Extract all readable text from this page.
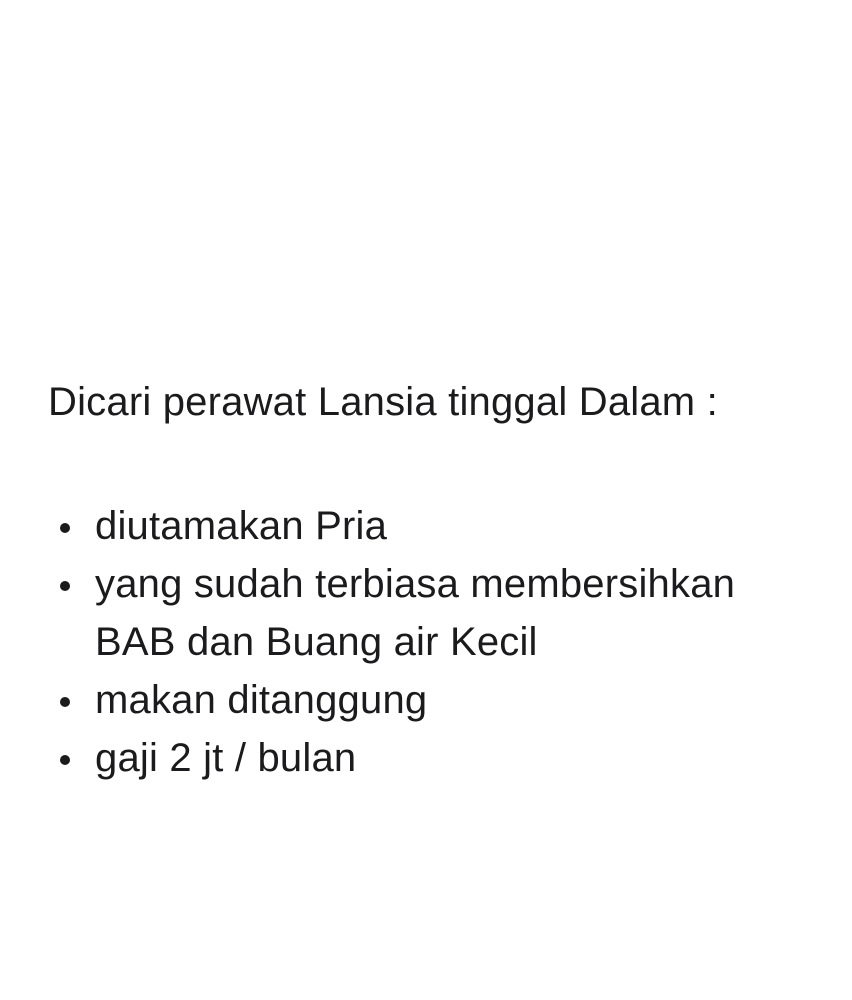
Dicari perawat Lansia tinggal Dalam :
diutamakan Pria
yang sudah terbiasa membersihkan BAB dan Buang air Kecil
makan ditanggung
gaji 2 jt / bulan
